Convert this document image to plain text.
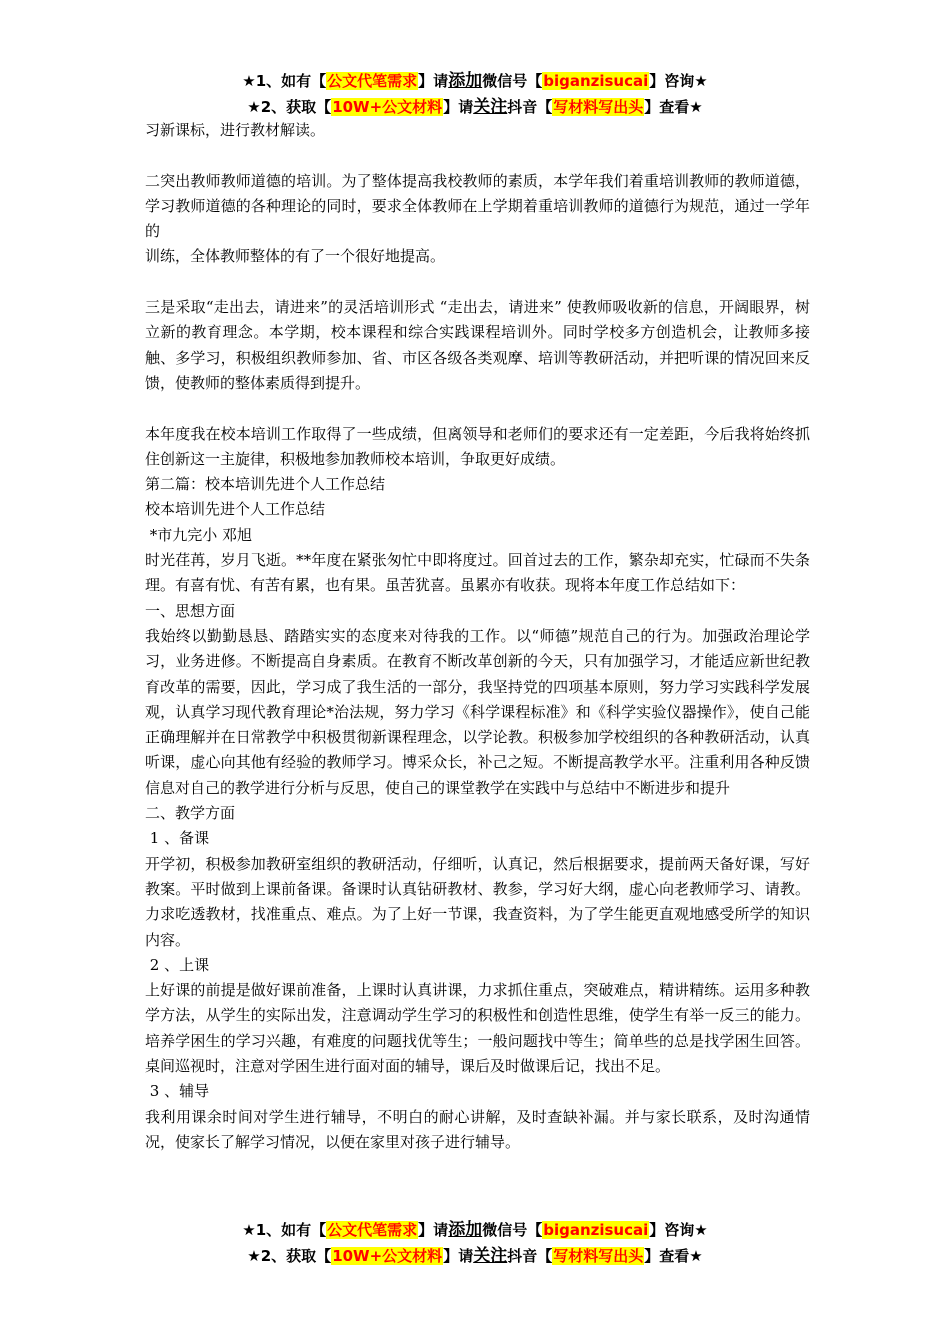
★1、如有【公文代笔需求】请添加微信号【biganzisucai】咨询★
★2、获取【10W+公文材料】请关注抖音【写材料写出头】查看★

习新课标，进行教材解读。

二突出教师教师道德的培训。为了整体提高我校教师的素质，本学年我们着重培训教师的教师道德，学习教师道德的各种理论的同时，要求全体教师在上学期着重培训教师的道德行为规范，通过一学年的

训练，全体教师整体的有了一个很好地提高。

三是采取“走出去，请进来”的灵活培训形式 “走出去，请进来” 使教师吸收新的信息，开阔眼界，树立新的教育理念。本学期，校本课程和综合实践课程培训外。同时学校多方创造机会，让教师多接触、多学习，积极组织教师参加、省、市区各级各类观摩、培训等教研活动，并把听课的情况回来反馈，使教师的整体素质得到提升。

本年度我在校本培训工作取得了一些成绩，但离领导和老师们的要求还有一定差距，今后我将始终抓住创新这一主旋律，积极地参加教师校本培训，争取更好成绩。

第二篇：校本培训先进个人工作总结

校本培训先进个人工作总结

*市九完小 邓旭

时光荏苒，岁月飞逝。**年度在紧张匆忙中即将度过。回首过去的工作，繁杂却充实，忙碌而不失条理。有喜有忧、有苦有累，也有果。虽苦犹喜。虽累亦有收获。现将本年度工作总结如下：

一、思想方面

我始终以勤勤恳恳、踏踏实实的态度来对待我的工作。以“师德”规范自己的行为。加强政治理论学习，业务进修。不断提高自身素质。在教育不断改革创新的今天，只有加强学习，才能适应新世纪教育改革的需要，因此，学习成了我生活的一部分，我坚持党的四项基本原则，努力学习实践科学发展观，认真学习现代教育理论*治法规，努力学习《科学课程标准》和《科学实验仪器操作》，使自己能正确理解并在日常教学中积极贯彻新课程理念，以学论教。积极参加学校组织的各种教研活动，认真听课，虚心向其他有经验的教师学习。博采众长，补己之短。不断提高教学水平。注重利用各种反馈信息对自己的教学进行分析与反思，使自己的课堂教学在实践中与总结中不断进步和提升

二、教学方面

1 、备课

开学初，积极参加教研室组织的教研活动，仔细听，认真记，然后根据要求，提前两天备好课，写好教案。平时做到上课前备课。备课时认真钻研教材、教参，学习好大纲，虚心向老教师学习、请教。力求吃透教材，找准重点、难点。为了上好一节课，我查资料，为了学生能更直观地感受所学的知识内容。

2 、上课

上好课的前提是做好课前准备，上课时认真讲课，力求抓住重点，突破难点，精讲精练。运用多种教学方法，从学生的实际出发，注意调动学生学习的积极性和创造性思维，使学生有举一反三的能力。培养学困生的学习兴趣，有难度的问题找优等生；一般问题找中等生；简单些的总是找学困生回答。桌间巡视时，注意对学困生进行面对面的辅导，课后及时做课后记，找出不足。

3 、辅导

我利用课余时间对学生进行辅导，不明白的耐心讲解，及时查缺补漏。并与家长联系，及时沟通情况，使家长了解学习情况，以便在家里对孩子进行辅导。

★1、如有【公文代笔需求】请添加微信号【biganzisucai】咨询★
★2、获取【10W+公文材料】请关注抖音【写材料写出头】查看★
